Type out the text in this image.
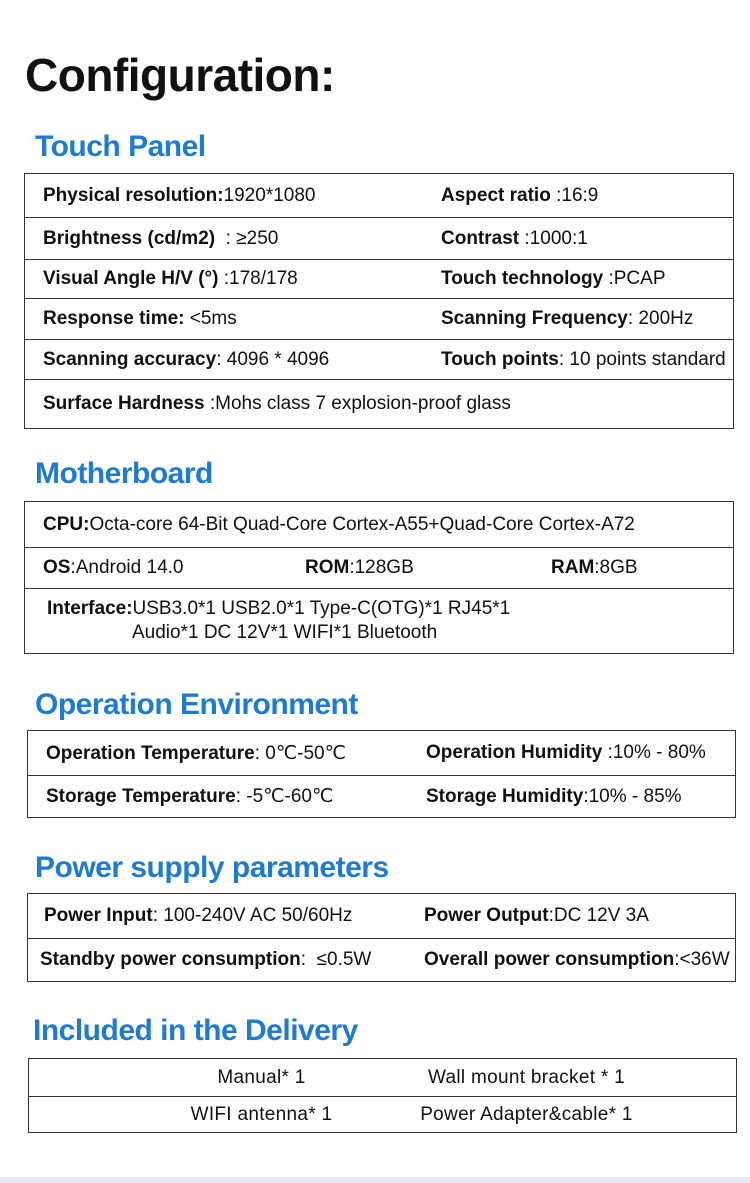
Configuration:
Touch Panel
Physical resolution:1920*1080	Aspect ratio :16:9
Brightness (cd/m2)  : ≥250	Contrast :1000:1
Visual Angle H/V (°) :178/178	Touch technology :PCAP
Response time: <5ms	Scanning Frequency: 200Hz
Scanning accuracy: 4096 * 4096	Touch points: 10 points standard
Surface Hardness :Mohs class 7 explosion-proof glass	
Motherboard
CPU:Octa-core 64-Bit Quad-Core Cortex-A55+Quad-Core Cortex-A72
OS:Android 14.0	ROM:128GB	RAM:8GB

Interface:USB3.0*1 USB2.0*1 Type-C(OTG)*1 RJ45*1
Audio*1 DC 12V*1 WIFI*1 Bluetooth
Operation Environment
Operation Temperature: 0℃-50℃	Operation Humidity :10% - 80%
Storage Temperature: -5℃-60℃	Storage Humidity:10% - 85%
Power supply parameters
Power Input: 100-240V AC 50/60Hz	Power Output:DC 12V 3A
Standby power consumption:  ≤0.5W	Overall power consumption:<36W
Included in the Delivery
Manual* 1	Wall mount bracket * 1
WIFI antenna* 1	Power Adapter&cable* 1
